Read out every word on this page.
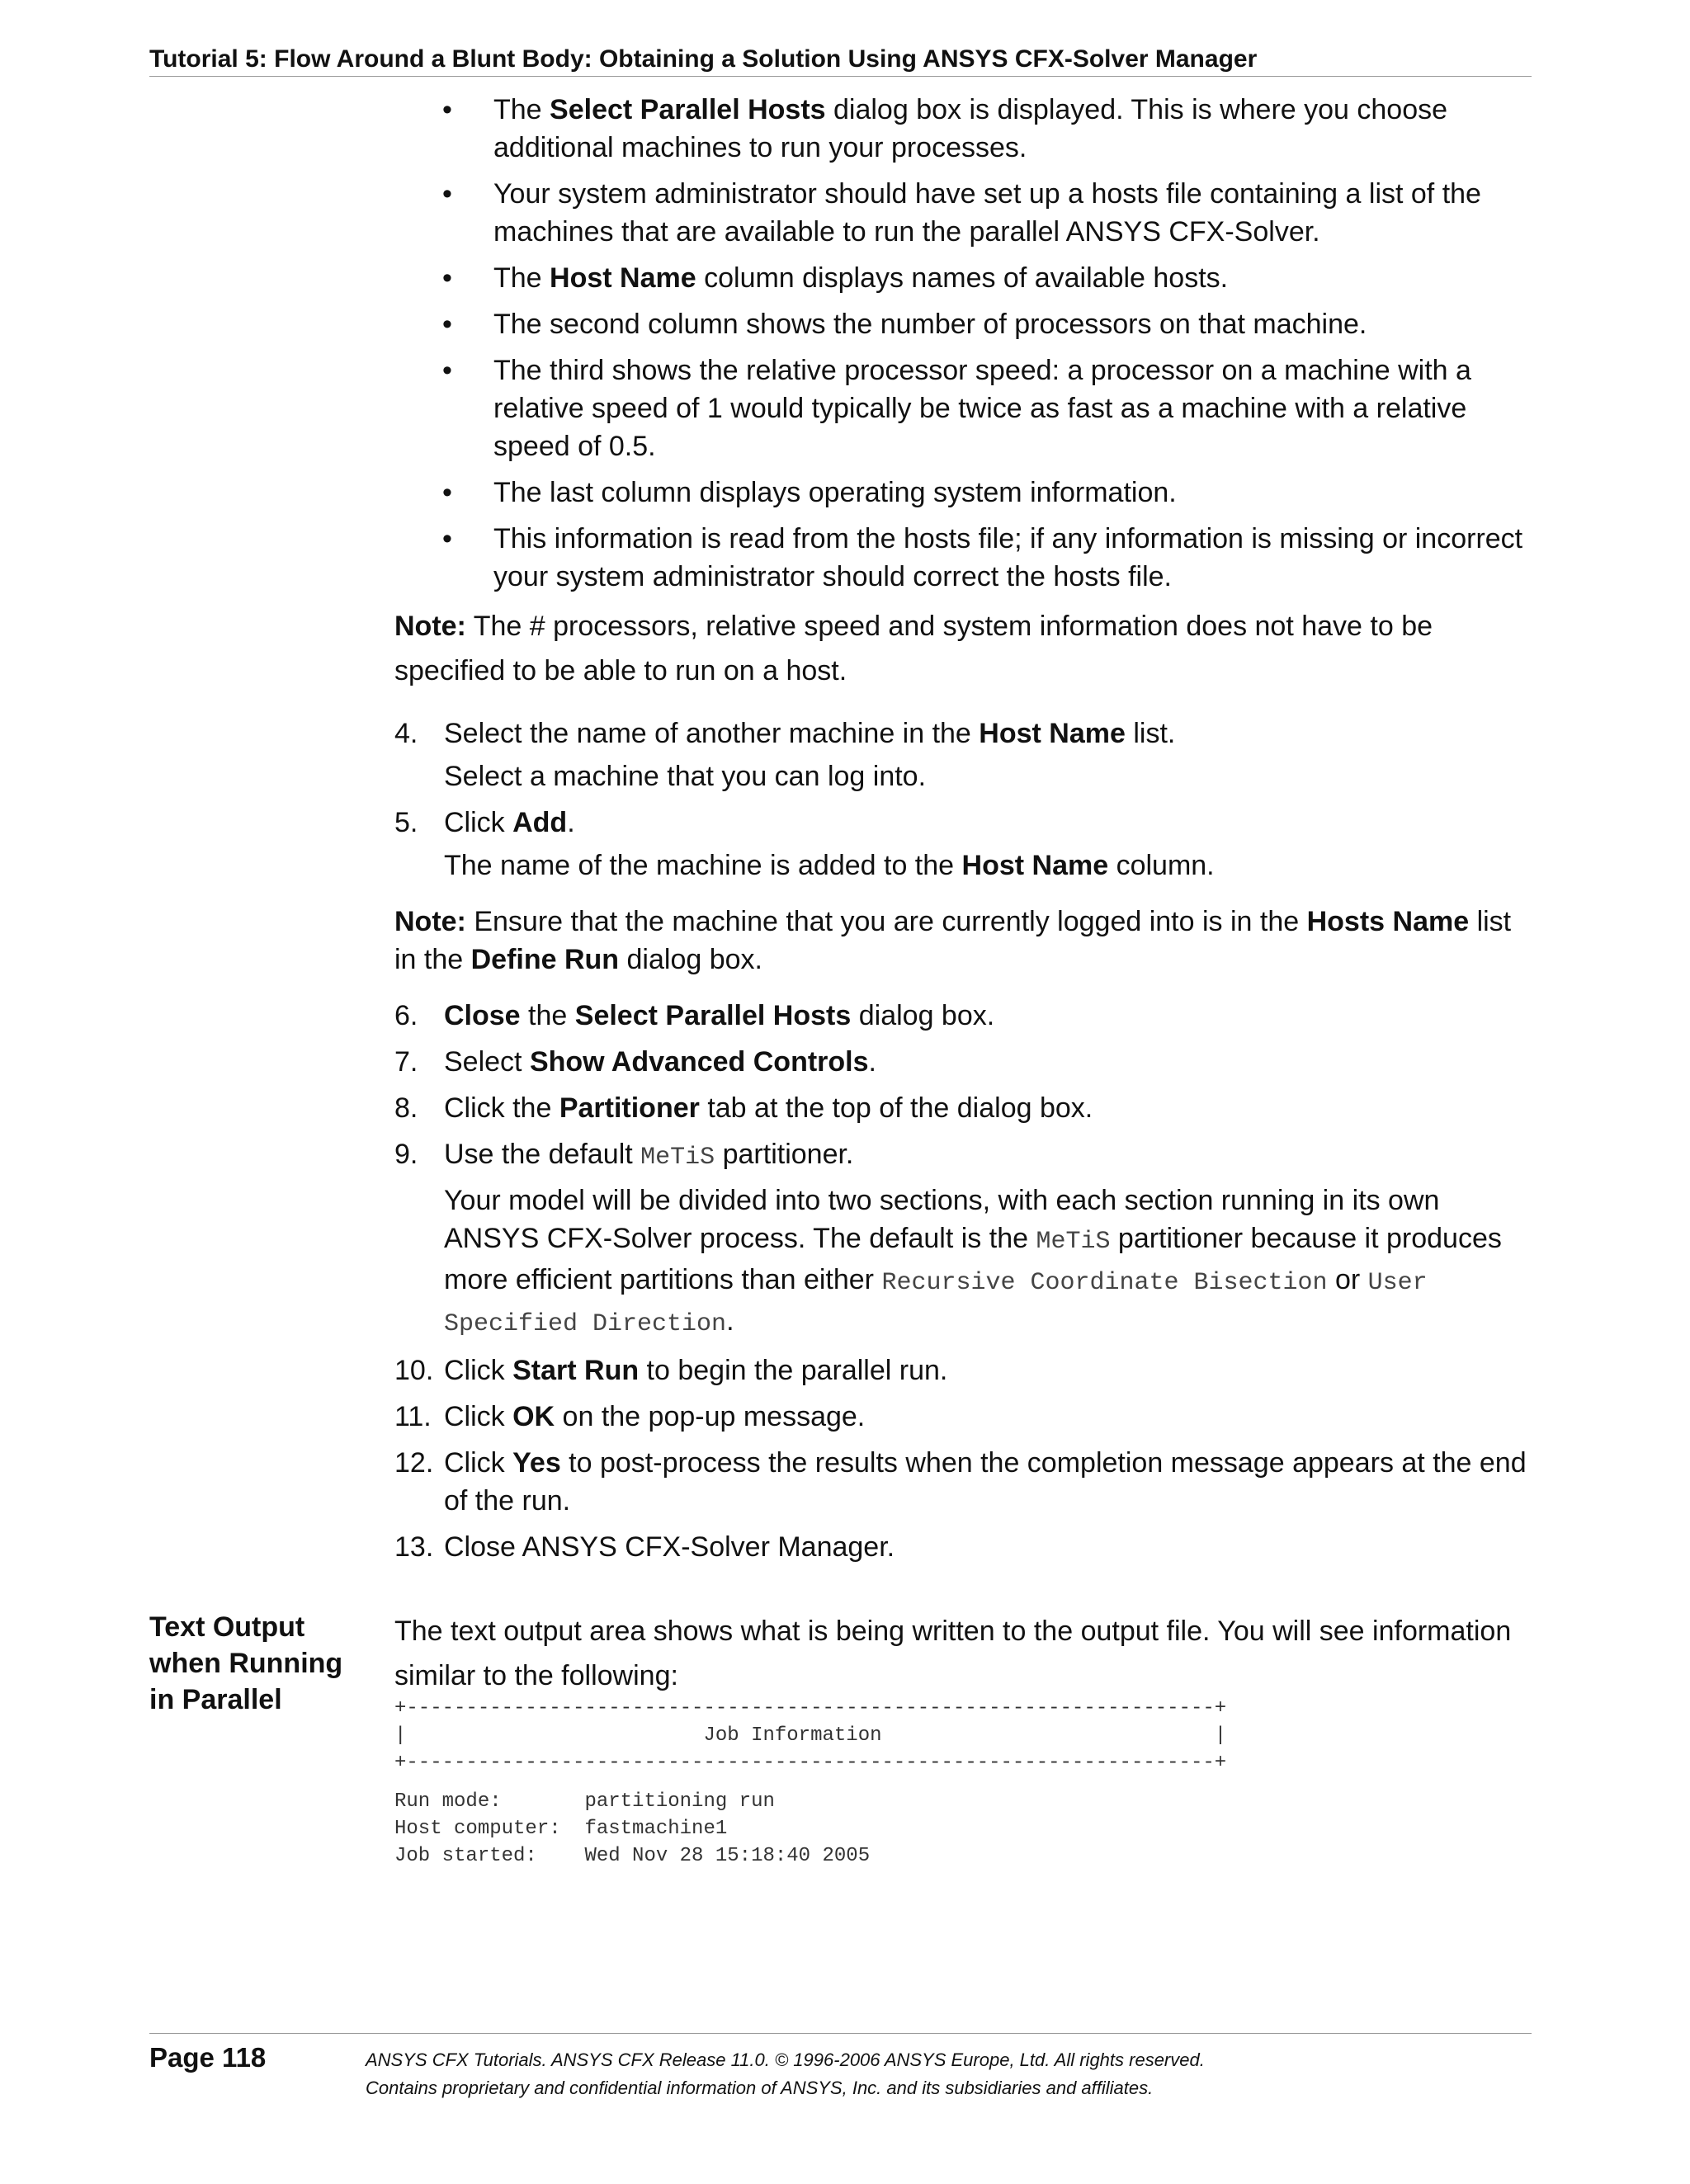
Tutorial 5: Flow Around a Blunt Body: Obtaining a Solution Using ANSYS CFX-Solver Manager
• The Select Parallel Hosts dialog box is displayed. This is where you choose additional machines to run your processes.
• Your system administrator should have set up a hosts file containing a list of the machines that are available to run the parallel ANSYS CFX-Solver.
• The Host Name column displays names of available hosts.
• The second column shows the number of processors on that machine.
• The third shows the relative processor speed: a processor on a machine with a relative speed of 1 would typically be twice as fast as a machine with a relative speed of 0.5.
• The last column displays operating system information.
• This information is read from the hosts file; if any information is missing or incorrect your system administrator should correct the hosts file.

Note: The # processors, relative speed and system information does not have to be specified to be able to run on a host.

4. Select the name of another machine in the Host Name list.
Select a machine that you can log into.
5. Click Add.
The name of the machine is added to the Host Name column.

Note: Ensure that the machine that you are currently logged into is in the Hosts Name list in the Define Run dialog box.

6. Close the Select Parallel Hosts dialog box.
7. Select Show Advanced Controls.
8. Click the Partitioner tab at the top of the dialog box.
9. Use the default MeTiS partitioner.
Your model will be divided into two sections, with each section running in its own ANSYS CFX-Solver process. The default is the MeTiS partitioner because it produces more efficient partitions than either Recursive Coordinate Bisection or User Specified Direction.
10. Click Start Run to begin the parallel run.
11. Click OK on the pop-up message.
12. Click Yes to post-process the results when the completion message appears at the end of the run.
13. Close ANSYS CFX-Solver Manager.
Text Output when Running in Parallel
The text output area shows what is being written to the output file. You will see information similar to the following:
+--------------------------------------------------------------------+
|                         Job Information                            |
+--------------------------------------------------------------------+
Run mode:       partitioning run
Host computer:  fastmachine1
Job started:    Wed Nov 28 15:18:40 2005
Page 118	ANSYS CFX Tutorials. ANSYS CFX Release 11.0. © 1996-2006 ANSYS Europe, Ltd. All rights reserved.
Contains proprietary and confidential information of ANSYS, Inc. and its subsidiaries and affiliates.
